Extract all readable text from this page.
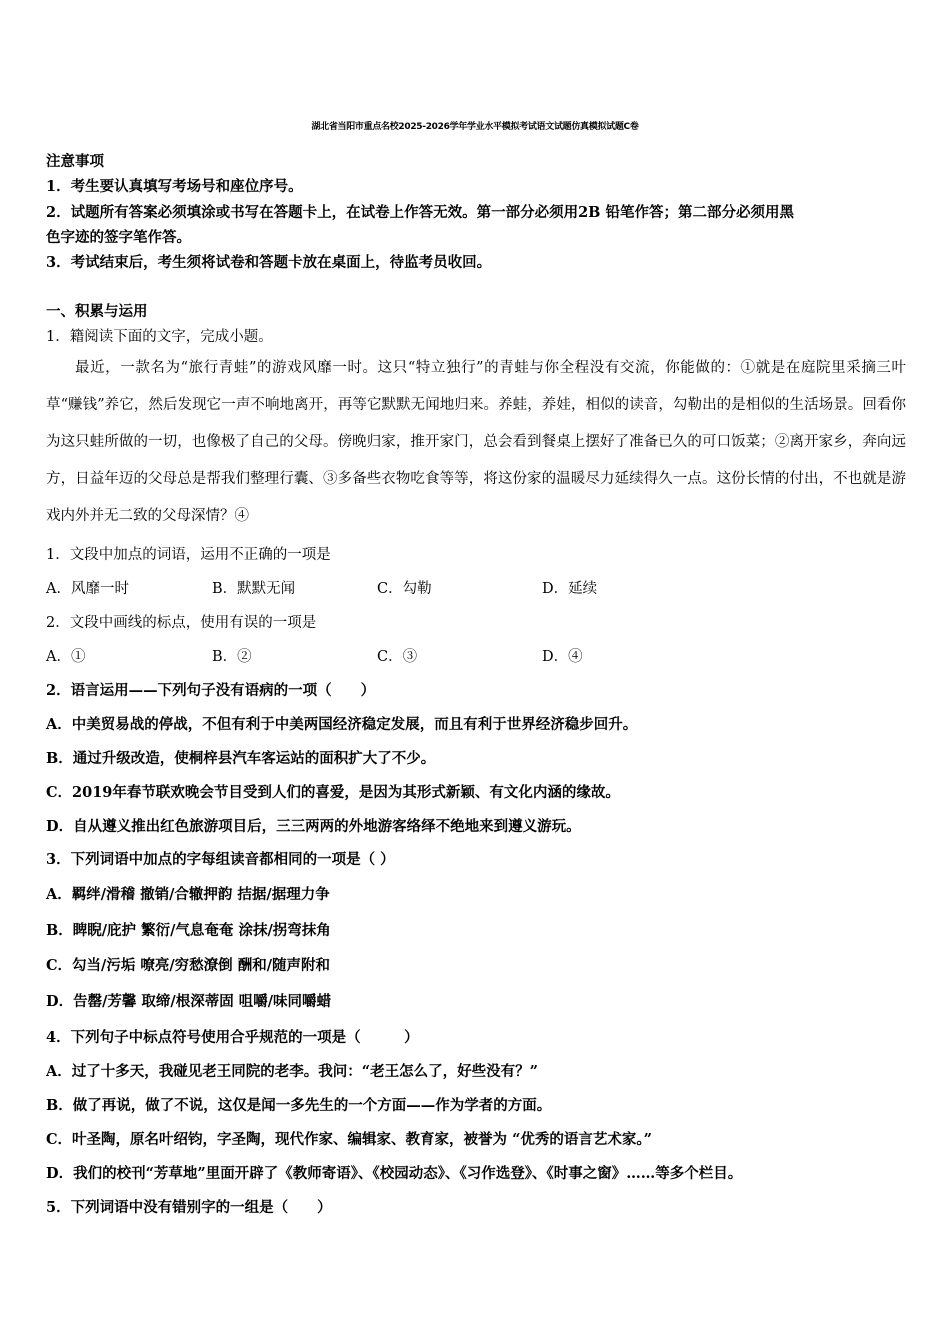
湖北省当阳市重点名校2025-2026学年学业水平模拟考试语文试题仿真模拟试题C卷
注意事项
1．考生要认真填写考场号和座位序号。
2．试题所有答案必须填涂或书写在答题卡上，在试卷上作答无效。第一部分必须用2B 铅笔作答；第二部分必须用黑
色字迹的签字笔作答。
3．考试结束后，考生须将试卷和答题卡放在桌面上，待监考员收回。
一、积累与运用
1．籍阅读下面的文字，完成小题。
最近，一款名为“旅行青蛙”的游戏风靡一时。这只“特立独行”的青蛙与你全程没有交流，你能做的：①就是在庭院里采摘三叶草“赚钱”养它，然后发现它一声不响地离开，再等它默默无闻地归来。养蛙，养娃，相似的读音，勾勒出的是相似的生活场景。回看你为这只蛙所做的一切，也像极了自己的父母。傍晚归家，推开家门，总会看到餐桌上摆好了准备已久的可口饭菜；②离开家乡，奔向远方，日益年迈的父母总是帮我们整理行囊、③多备些衣物吃食等等，将这份家的温暖尽力延续得久一点。这份长情的付出，不也就是游戏内外并无二致的父母深情？④
1．文段中加点的词语，运用不正确的一项是
A．风靡一时	B．默默无闻	C．勾勒	D．延续
2．文段中画线的标点，使用有误的一项是
A．①	B．②	C．③	D．④
2．语言运用——下列句子没有语病的一项（　　）
A．中美贸易战的停战，不但有利于中美两国经济稳定发展，而且有利于世界经济稳步回升。
B．通过升级改造，使桐梓县汽车客运站的面积扩大了不少。
C．2019年春节联欢晚会节目受到人们的喜爱，是因为其形式新颖、有文化内涵的缘故。
D．自从遵义推出红色旅游项目后，三三两两的外地游客络绎不绝地来到遵义游玩。
3．下列词语中加点的字每组读音都相同的一项是（ ）
A．羁绊/滑稽 撤销/合辙押韵 拮据/据理力争
B．睥睨/庇护 繁衍/气息奄奄 涂抹/拐弯抹角
C．勾当/污垢 嘹亮/穷愁潦倒 酬和/随声附和
D．告罄/芳馨 取缔/根深蒂固 咀嚼/味同嚼蜡
4．下列句子中标点符号使用合乎规范的一项是（　　　）
A．过了十多天，我碰见老王同院的老李。我问：“老王怎么了，好些没有？”
B．做了再说，做了不说，这仅是闻一多先生的一个方面——作为学者的方面。
C．叶圣陶，原名叶绍钧，字圣陶，现代作家、编辑家、教育家，被誉为 “优秀的语言艺术家。”
D．我们的校刊“芳草地”里面开辟了《教师寄语》、《校园动态》、《习作选登》、《时事之窗》……等多个栏目。
5．下列词语中没有错别字的一组是（　　）
